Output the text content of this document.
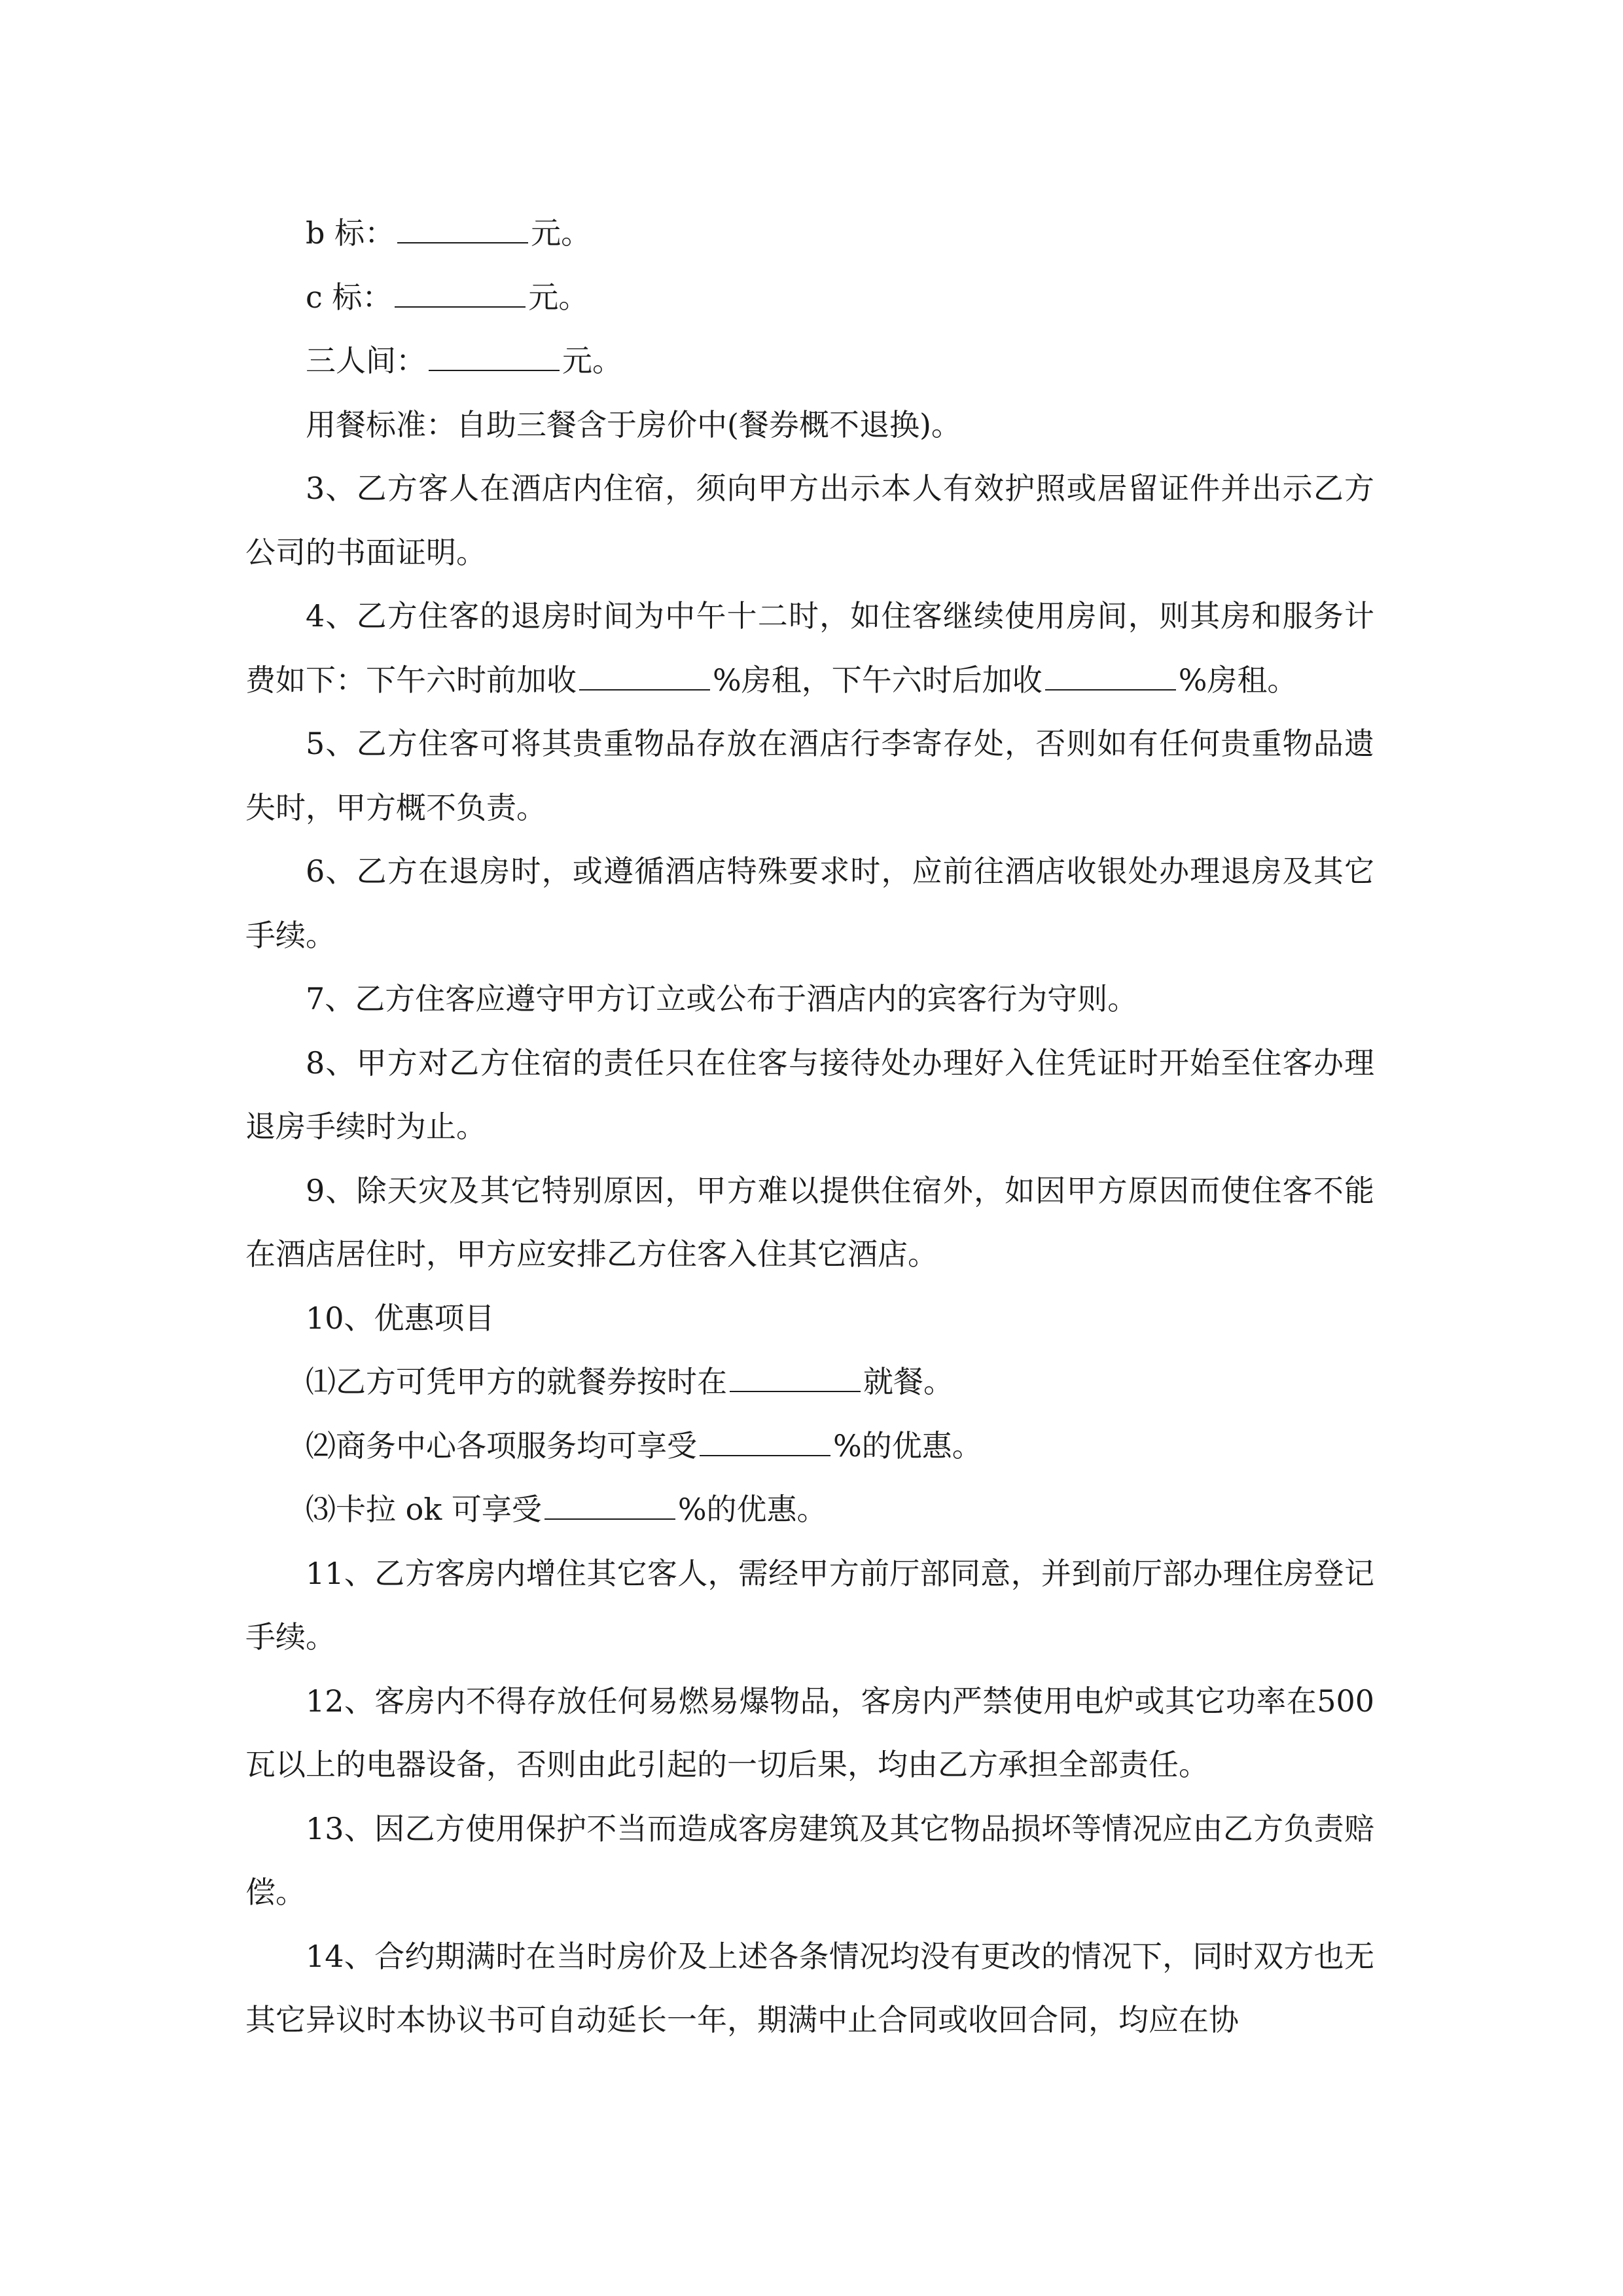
b 标：	元。

c 标：	元。

三人间：	元。

用餐标准：自助三餐含于房价中(餐券概不退换)。

3、乙方客人在酒店内住宿，须向甲方出示本人有效护照或居留证件并出示乙方公司的书面证明。

4、乙方住客的退房时间为中午十二时，如住客继续使用房间，则其房和服务计费如下：下午六时前加收	%房租，下午六时后加收	%房租。

5、乙方住客可将其贵重物品存放在酒店行李寄存处，否则如有任何贵重物品遗失时，甲方概不负责。

6、乙方在退房时，或遵循酒店特殊要求时，应前往酒店收银处办理退房及其它手续。

7、乙方住客应遵守甲方订立或公布于酒店内的宾客行为守则。

8、甲方对乙方住宿的责任只在住客与接待处办理好入住凭证时开始至住客办理退房手续时为止。

9、除天灾及其它特别原因，甲方难以提供住宿外，如因甲方原因而使住客不能在酒店居住时，甲方应安排乙方住客入住其它酒店。

10、优惠项目

⑴乙方可凭甲方的就餐券按时在	就餐。

⑵商务中心各项服务均可享受	%的优惠。

⑶卡拉 ok 可享受	%的优惠。

11、乙方客房内增住其它客人，需经甲方前厅部同意，并到前厅部办理住房登记手续。

12、客房内不得存放任何易燃易爆物品，客房内严禁使用电炉或其它功率在500 瓦以上的电器设备，否则由此引起的一切后果，均由乙方承担全部责任。

13、因乙方使用保护不当而造成客房建筑及其它物品损坏等情况应由乙方负责赔偿。

14、合约期满时在当时房价及上述各条情况均没有更改的情况下，同时双方也无其它异议时本协议书可自动延长一年，期满中止合同或收回合同，均应在协
